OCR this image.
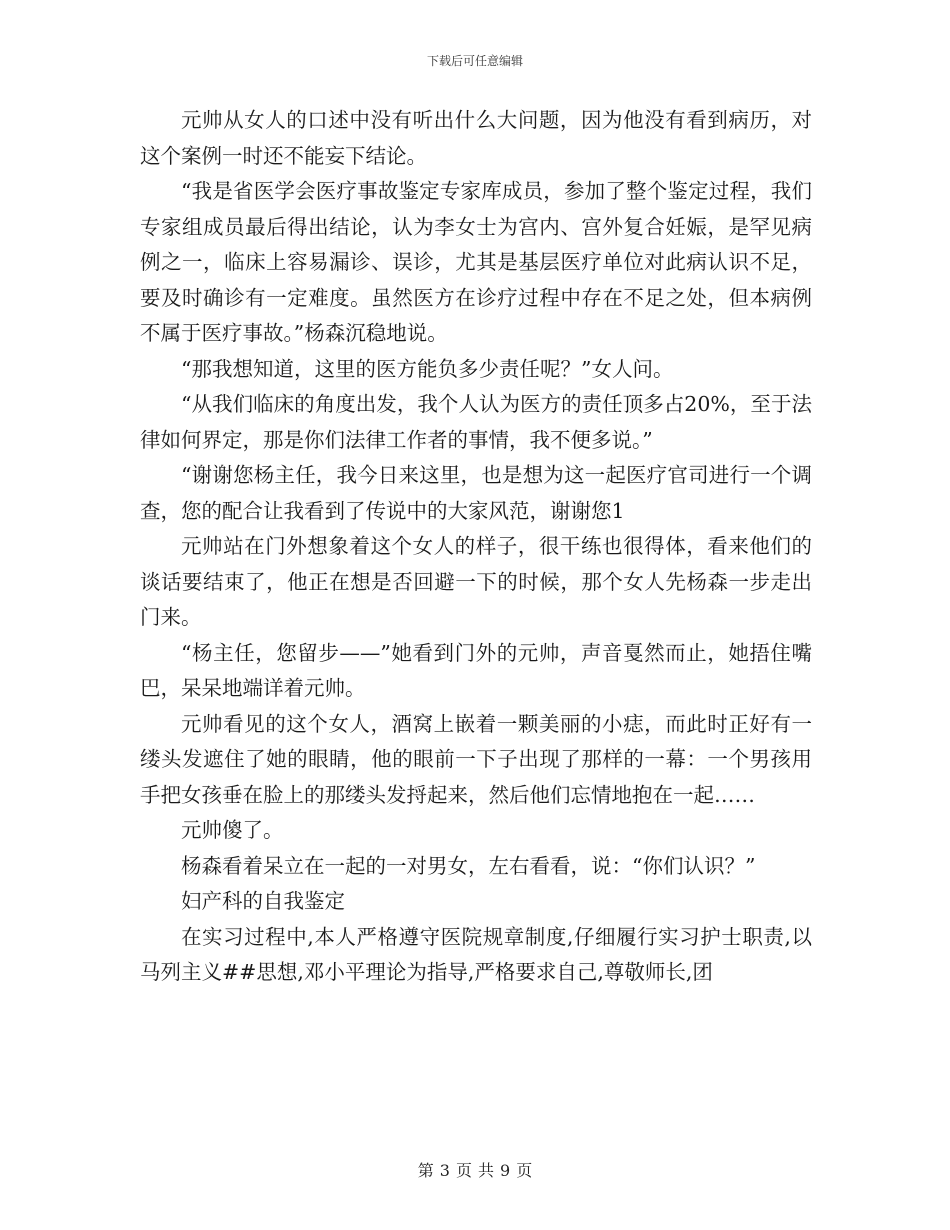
下载后可任意编辑

元帅从女人的口述中没有听出什么大问题，因为他没有看到病历，对这个案例一时还不能妄下结论。

“我是省医学会医疗事故鉴定专家库成员，参加了整个鉴定过程，我们专家组成员最后得出结论，认为李女士为宫内、宫外复合妊娠，是罕见病例之一，临床上容易漏诊、误诊，尤其是基层医疗单位对此病认识不足，要及时确诊有一定难度。虽然医方在诊疗过程中存在不足之处，但本病例不属于医疗事故。”杨森沉稳地说。

“那我想知道，这里的医方能负多少责任呢？”女人问。

“从我们临床的角度出发，我个人认为医方的责任顶多占20%，至于法律如何界定，那是你们法律工作者的事情，我不便多说。”

“谢谢您杨主任，我今日来这里，也是想为这一起医疗官司进行一个调查，您的配合让我看到了传说中的大家风范，谢谢您1

元帅站在门外想象着这个女人的样子，很干练也很得体，看来他们的谈话要结束了，他正在想是否回避一下的时候，那个女人先杨森一步走出门来。

“杨主任，您留步——”她看到门外的元帅，声音戛然而止，她捂住嘴巴，呆呆地端详着元帅。

元帅看见的这个女人，酒窝上嵌着一颗美丽的小痣，而此时正好有一缕头发遮住了她的眼睛，他的眼前一下子出现了那样的一幕：一个男孩用手把女孩垂在脸上的那缕头发捋起来，然后他们忘情地抱在一起……

元帅傻了。

杨森看着呆立在一起的一对男女，左右看看，说：“你们认识？”

妇产科的自我鉴定

在实习过程中,本人严格遵守医院规章制度,仔细履行实习护士职责,以马列主义##思想,邓小平理论为指导,严格要求自己,尊敬师长,团

第 3 页 共 9 页
